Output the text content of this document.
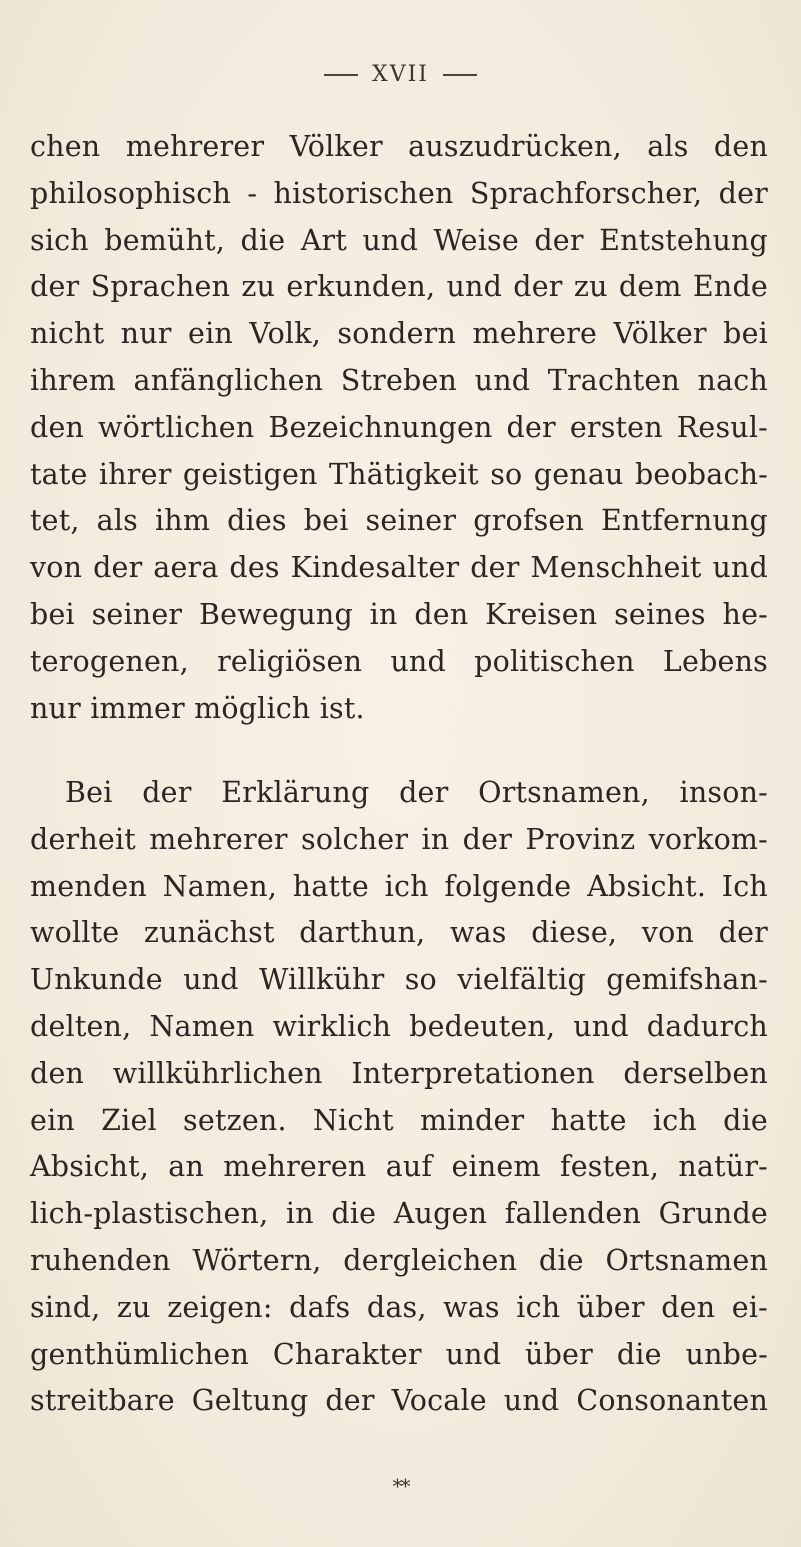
XVII
chen mehrerer Völker auszudrücken, als den
philosophisch - historischen Sprachforscher, der
sich bemüht, die Art und Weise der Entstehung
der Sprachen zu erkunden, und der zu dem Ende
nicht nur ein Volk, sondern mehrere Völker bei
ihrem anfänglichen Streben und Trachten nach
den wörtlichen Bezeichnungen der ersten Resul-
tate ihrer geistigen Thätigkeit so genau beobach-
tet, als ihm dies bei seiner grofsen Entfernung
von der aera des Kindesalter der Menschheit und
bei seiner Bewegung in den Kreisen seines he-
terogenen, religiösen und politischen Lebens
nur immer möglich ist.
Bei der Erklärung der Ortsnamen, inson-
derheit mehrerer solcher in der Provinz vorkom-
menden Namen, hatte ich folgende Absicht. Ich
wollte zunächst darthun, was diese, von der
Unkunde und Willkühr so vielfältig gemifshan-
delten, Namen wirklich bedeuten, und dadurch
den willkührlichen Interpretationen derselben
ein Ziel setzen. Nicht minder hatte ich die
Absicht, an mehreren auf einem festen, natür-
lich-plastischen, in die Augen fallenden Grunde
ruhenden Wörtern, dergleichen die Ortsnamen
sind, zu zeigen: dafs das, was ich über den ei-
genthümlichen Charakter und über die unbe-
streitbare Geltung der Vocale und Consonanten
**
